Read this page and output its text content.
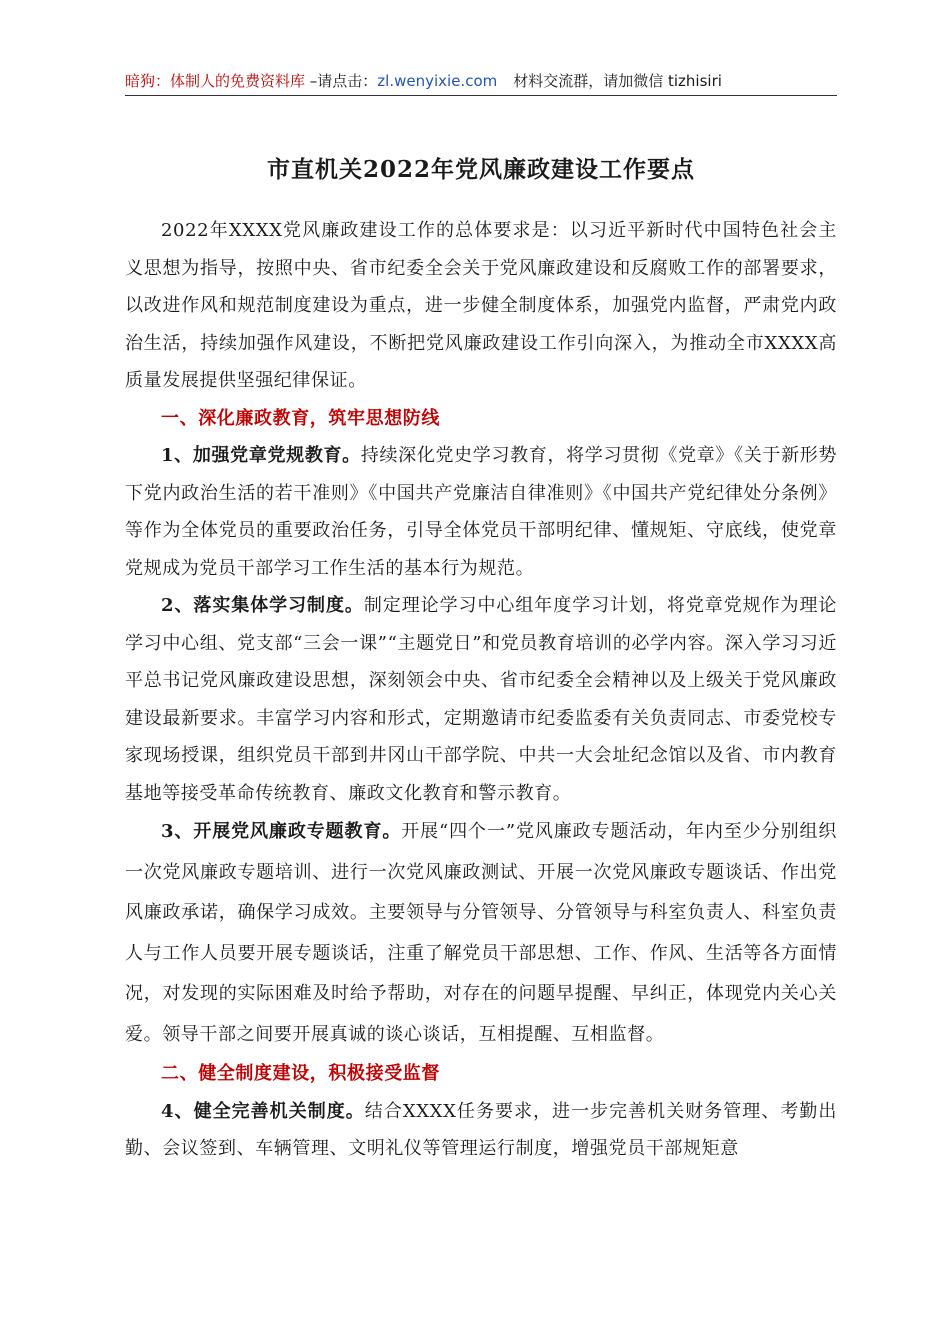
暗狗：体制人的免费资料库 –请点击：zl.wenyixie.com 材料交流群，请加微信 tizhisiri
市直机关2022年党风廉政建设工作要点

2022年XXXX党风廉政建设工作的总体要求是：以习近平新时代中国特色社会主义思想为指导，按照中央、省市纪委全会关于党风廉政建设和反腐败工作的部署要求，以改进作风和规范制度建设为重点，进一步健全制度体系，加强党内监督，严肃党内政治生活，持续加强作风建设，不断把党风廉政建设工作引向深入，为推动全市XXXX高质量发展提供坚强纪律保证。

一、深化廉政教育，筑牢思想防线

1、加强党章党规教育。持续深化党史学习教育，将学习贯彻《党章》《关于新形势下党内政治生活的若干准则》《中国共产党廉洁自律准则》《中国共产党纪律处分条例》等作为全体党员的重要政治任务，引导全体党员干部明纪律、懂规矩、守底线，使党章党规成为党员干部学习工作生活的基本行为规范。

2、落实集体学习制度。制定理论学习中心组年度学习计划，将党章党规作为理论学习中心组、党支部“三会一课”“主题党日”和党员教育培训的必学内容。深入学习习近平总书记党风廉政建设思想，深刻领会中央、省市纪委全会精神以及上级关于党风廉政建设最新要求。丰富学习内容和形式，定期邀请市纪委监委有关负责同志、市委党校专家现场授课，组织党员干部到井冈山干部学院、中共一大会址纪念馆以及省、市内教育基地等接受革命传统教育、廉政文化教育和警示教育。

3、开展党风廉政专题教育。开展“四个一”党风廉政专题活动，年内至少分别组织一次党风廉政专题培训、进行一次党风廉政测试、开展一次党风廉政专题谈话、作出党风廉政承诺，确保学习成效。主要领导与分管领导、分管领导与科室负责人、科室负责人与工作人员要开展专题谈话，注重了解党员干部思想、工作、作风、生活等各方面情况，对发现的实际困难及时给予帮助，对存在的问题早提醒、早纠正，体现党内关心关爱。领导干部之间要开展真诚的谈心谈话，互相提醒、互相监督。

二、健全制度建设，积极接受监督

4、健全完善机关制度。结合XXXX任务要求，进一步完善机关财务管理、考勤出勤、会议签到、车辆管理、文明礼仪等管理运行制度，增强党员干部规矩意
